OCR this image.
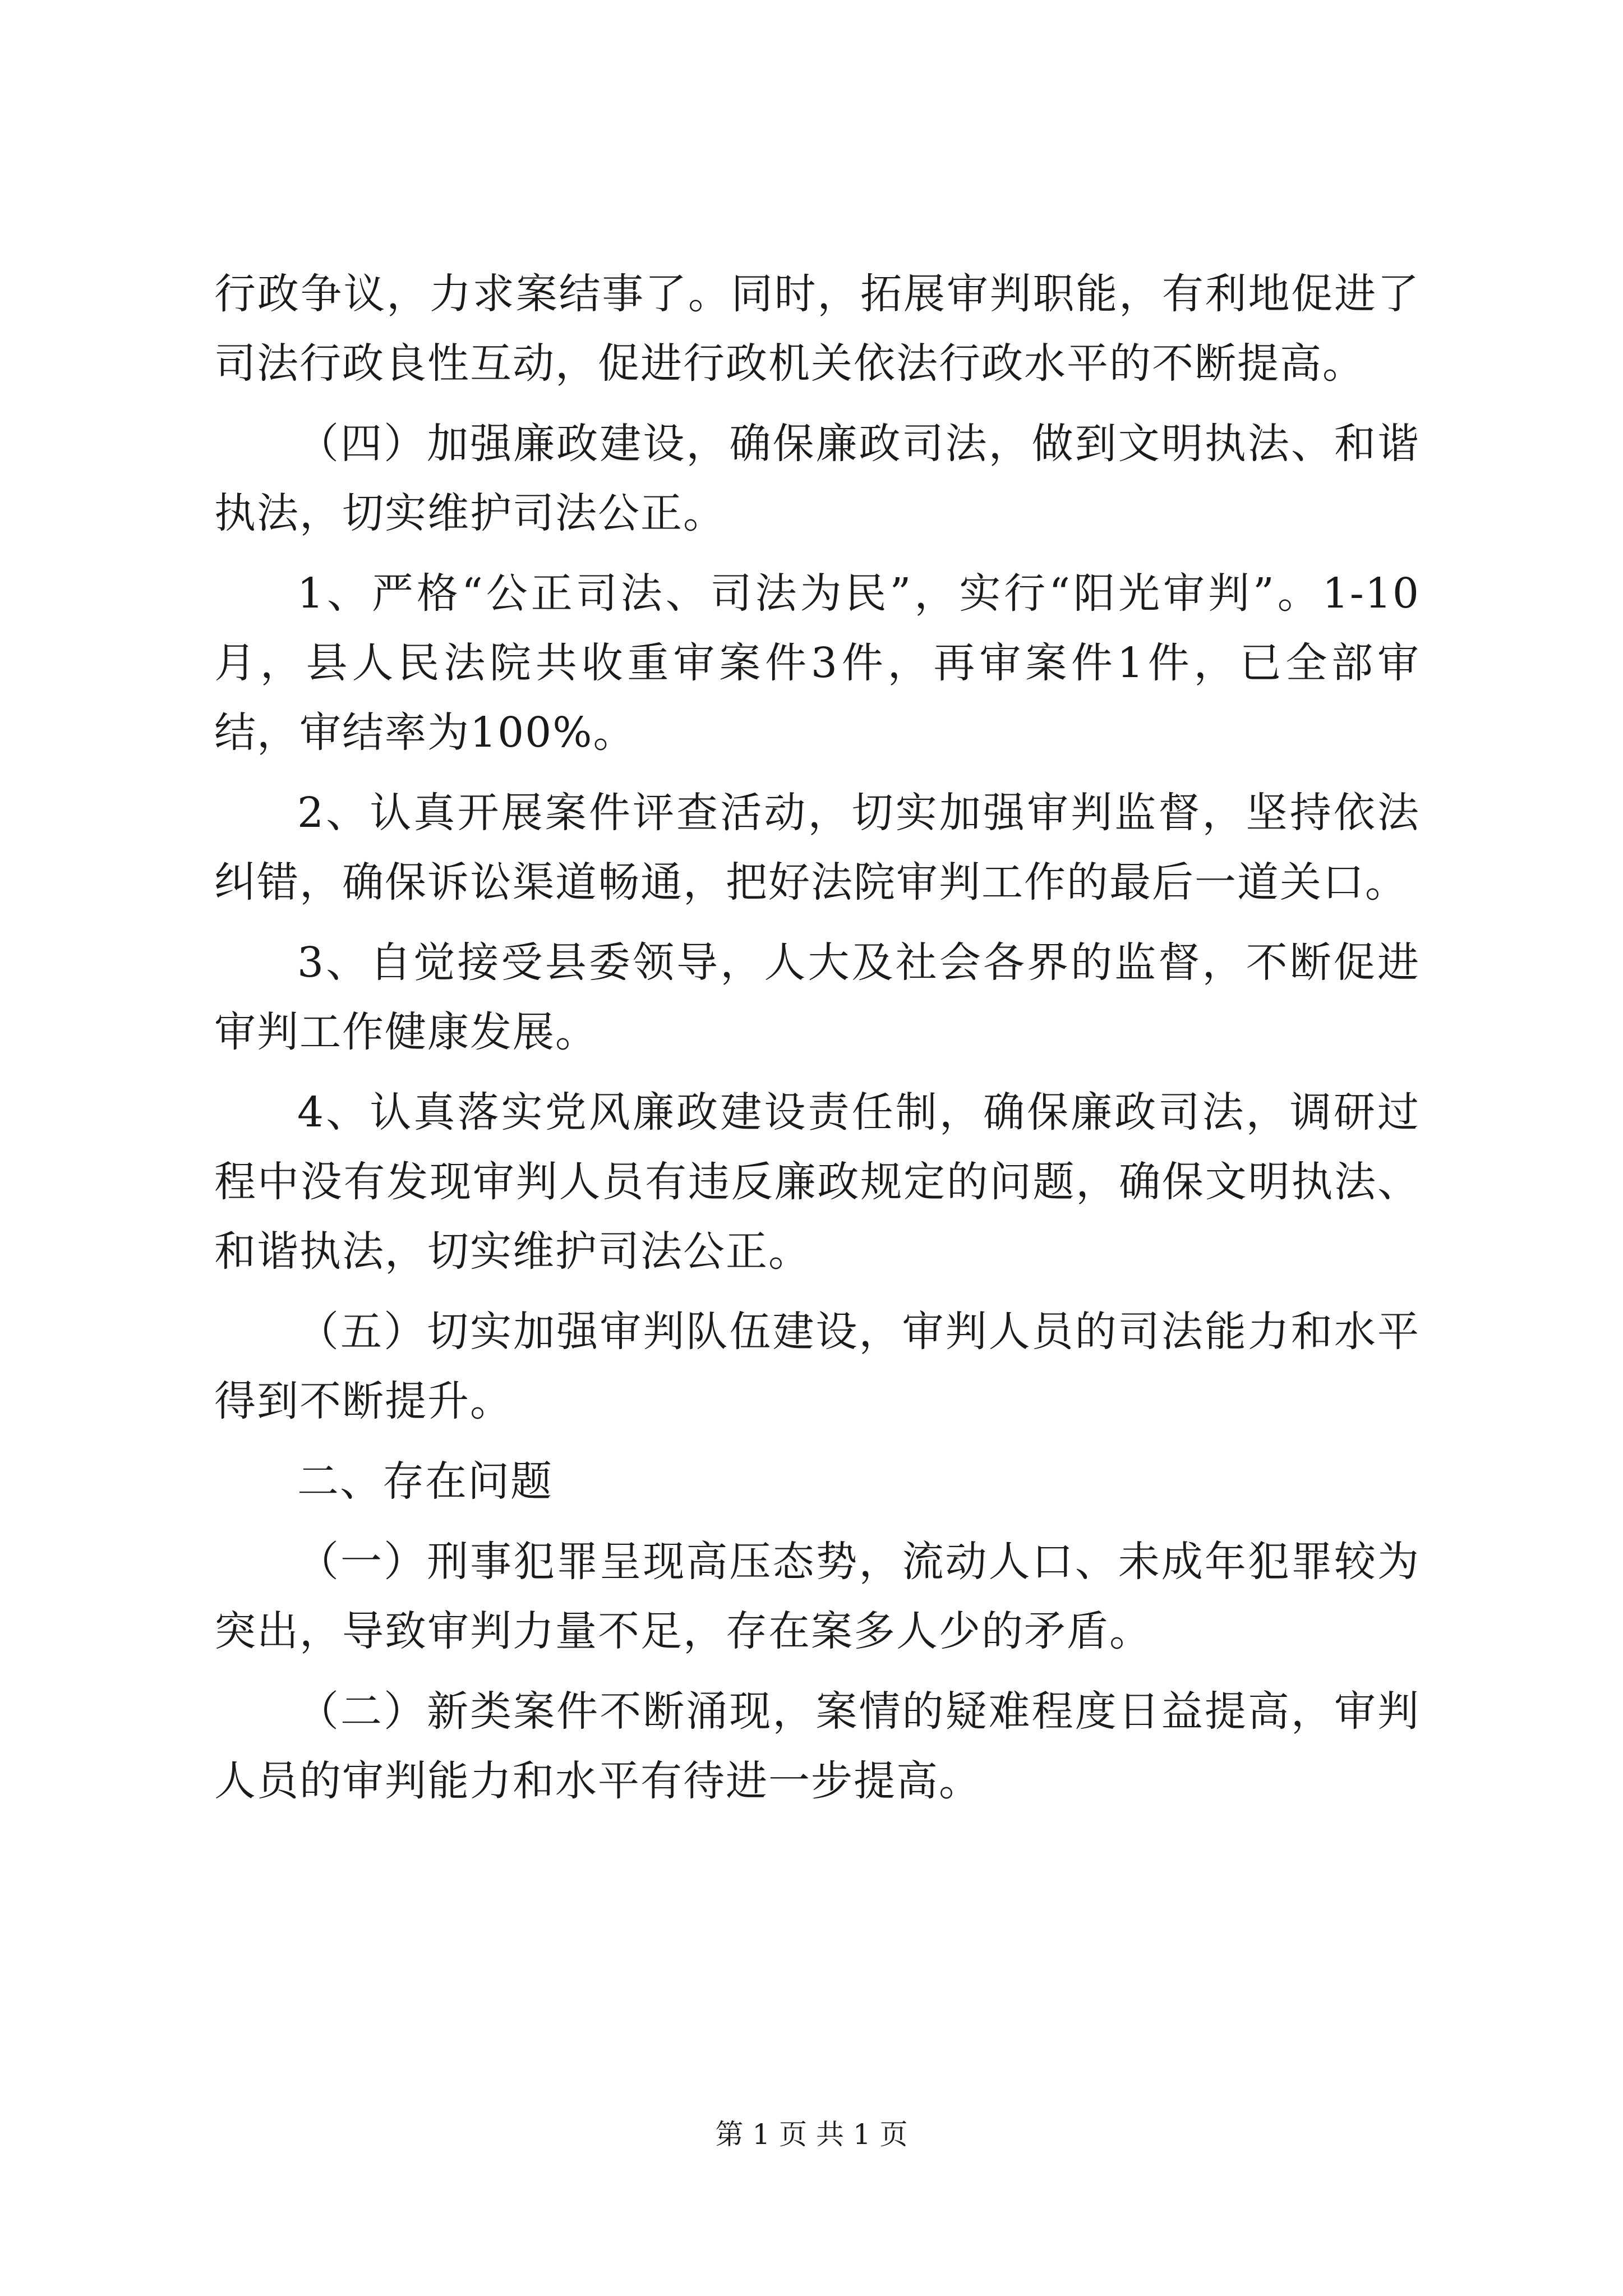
行政争议，力求案结事了。同时，拓展审判职能，有利地促进了司法行政良性互动，促进行政机关依法行政水平的不断提高。

（四）加强廉政建设，确保廉政司法，做到文明执法、和谐执法，切实维护司法公正。

1、严格“公正司法、司法为民”，实行“阳光审判”。1-10月，县人民法院共收重审案件3件，再审案件1件，已全部审结，审结率为100%。

2、认真开展案件评查活动，切实加强审判监督，坚持依法纠错，确保诉讼渠道畅通，把好法院审判工作的最后一道关口。

3、自觉接受县委领导，人大及社会各界的监督，不断促进审判工作健康发展。

4、认真落实党风廉政建设责任制，确保廉政司法，调研过程中没有发现审判人员有违反廉政规定的问题，确保文明执法、和谐执法，切实维护司法公正。

（五）切实加强审判队伍建设，审判人员的司法能力和水平得到不断提升。

二、存在问题

（一）刑事犯罪呈现高压态势，流动人口、未成年犯罪较为突出，导致审判力量不足，存在案多人少的矛盾。

（二）新类案件不断涌现，案情的疑难程度日益提高，审判人员的审判能力和水平有待进一步提高。

第 1 页 共 1 页
